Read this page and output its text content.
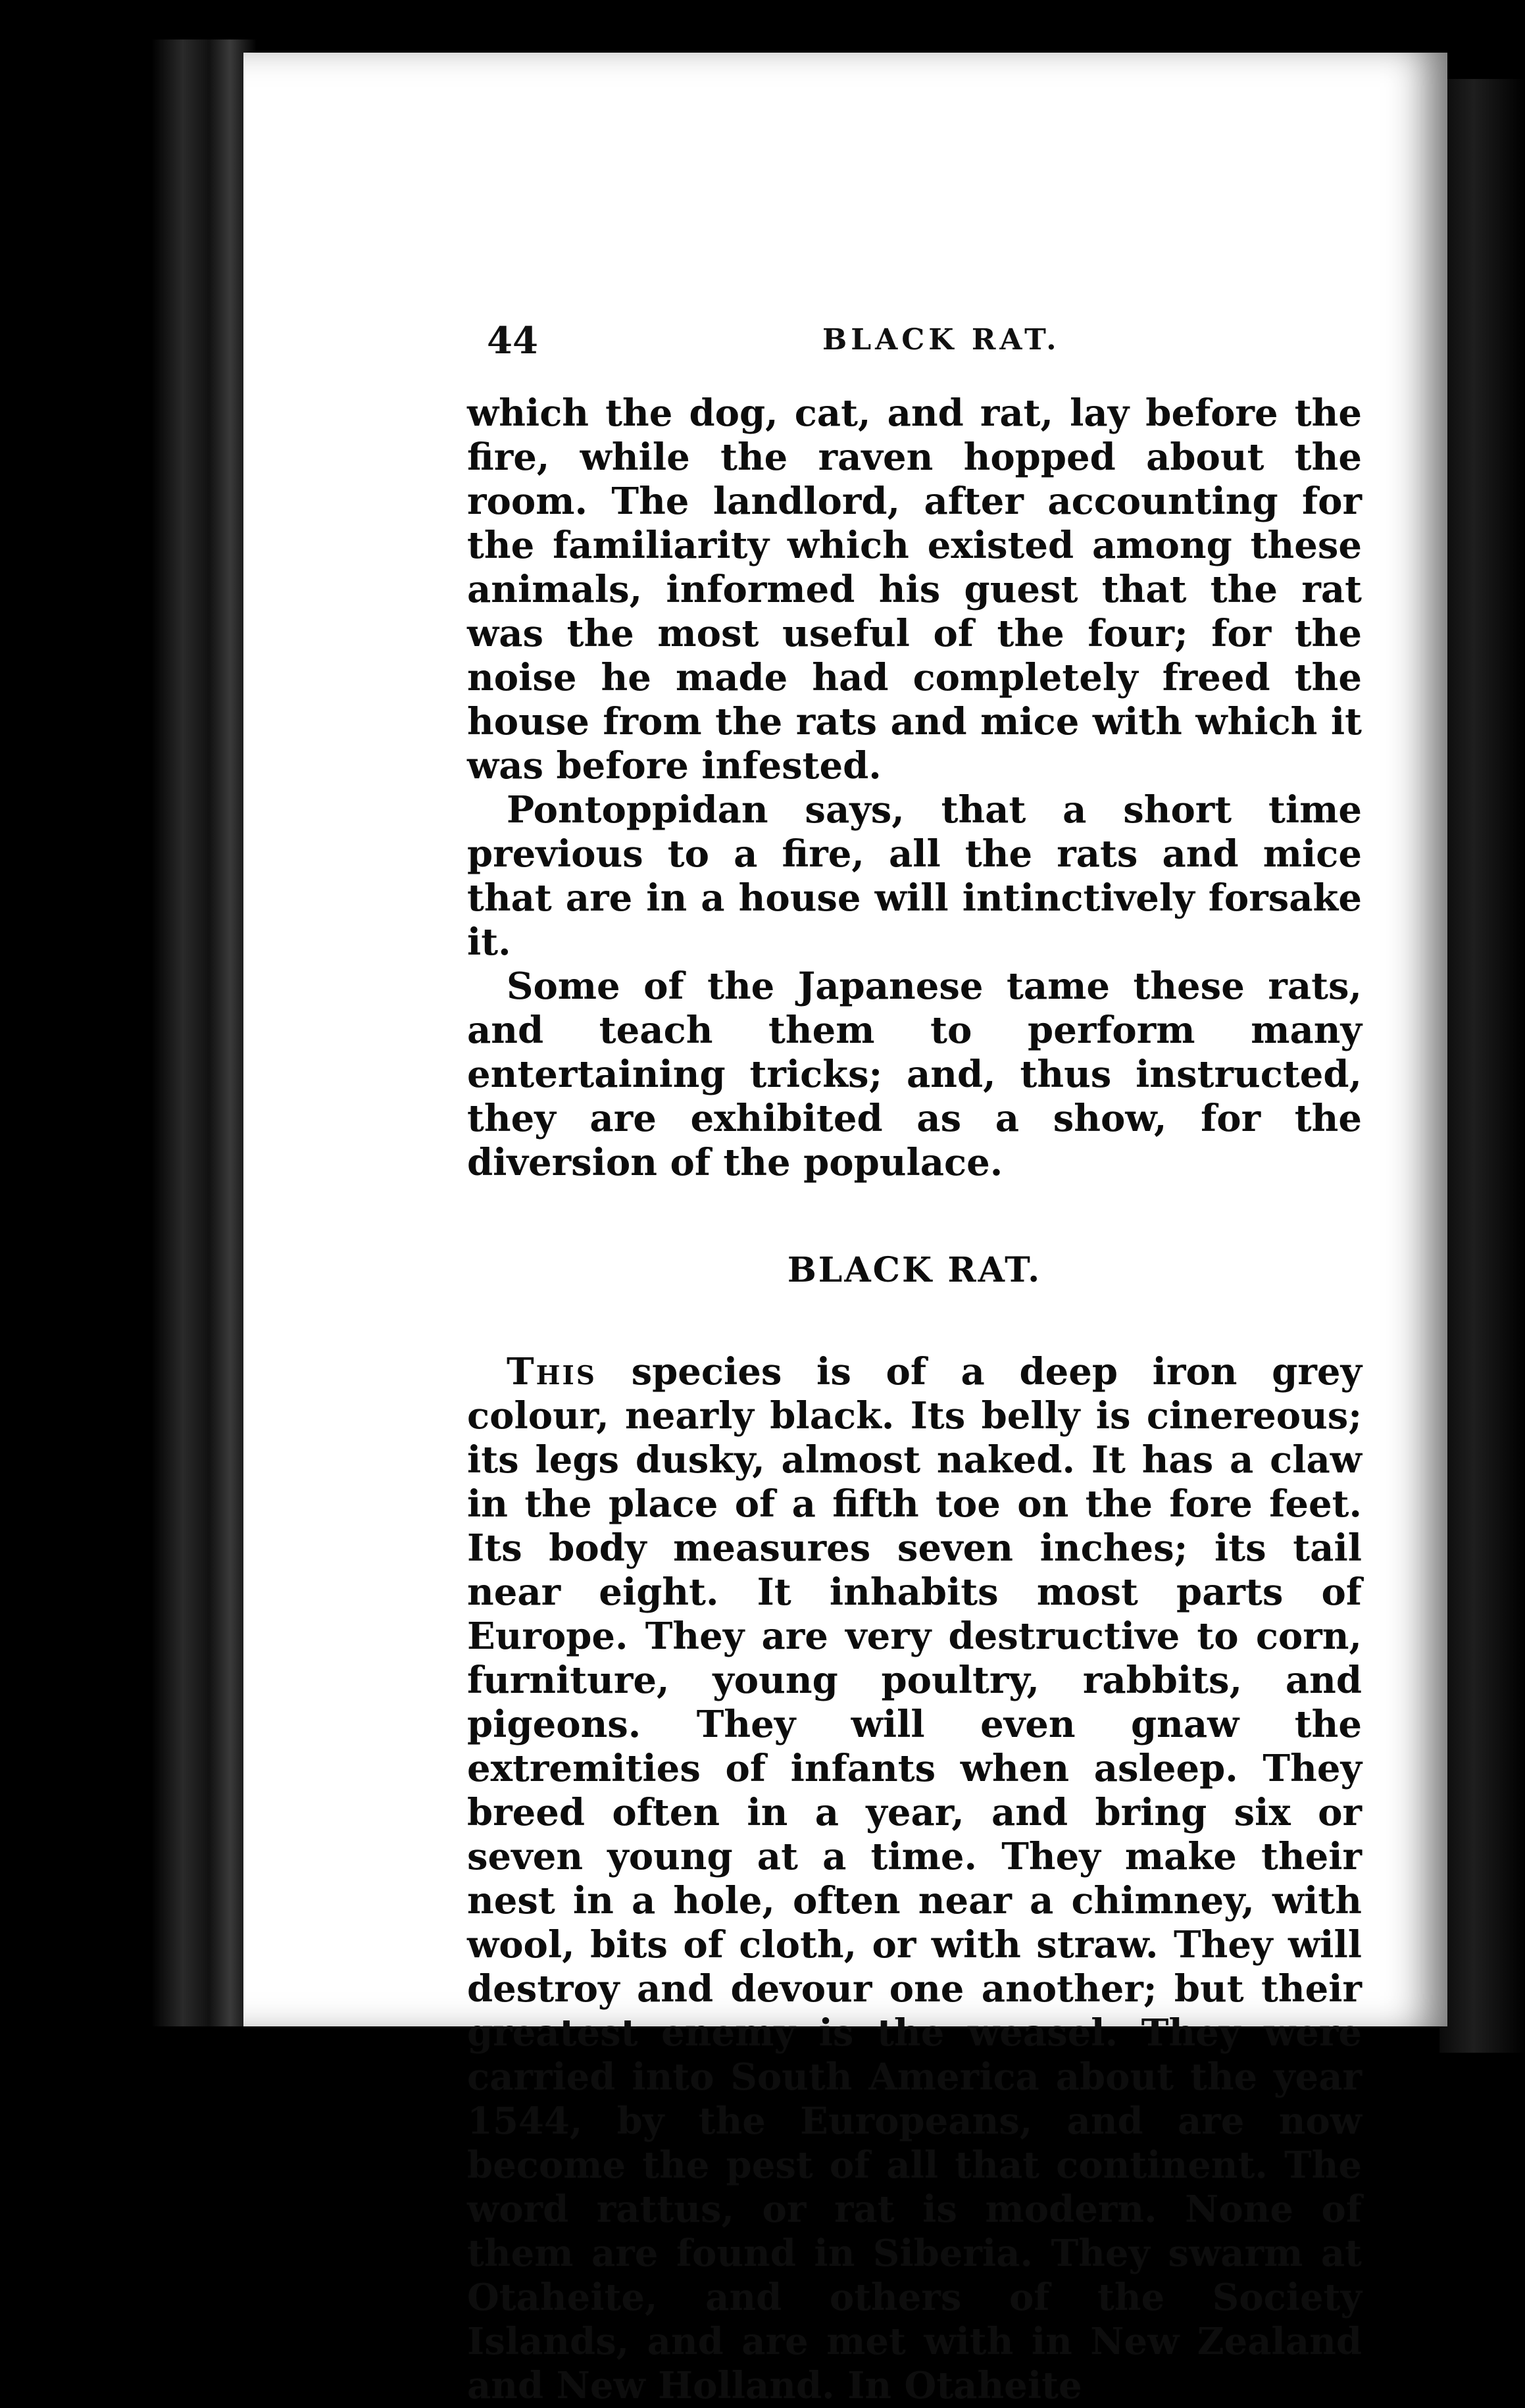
44	BLACK RAT.

which the dog, cat, and rat, lay before the fire, while the raven hopped about the room. The landlord, after accounting for the familiarity which existed among these animals, informed his guest that the rat was the most useful of the four; for the noise he made had completely freed the house from the rats and mice with which it was before infested.

Pontoppidan says, that a short time previous to a fire, all the rats and mice that are in a house will intinctively forsake it.

Some of the Japanese tame these rats, and teach them to perform many entertaining tricks; and, thus instructed, they are exhibited as a show, for the diversion of the populace.

BLACK RAT.

This species is of a deep iron grey colour, nearly black. Its belly is cinereous; its legs dusky, almost naked. It has a claw in the place of a fifth toe on the fore feet. Its body measures seven inches; its tail near eight. It inhabits most parts of Europe. They are very destructive to corn, furniture, young poultry, rabbits, and pigeons. They will even gnaw the extremities of infants when asleep. They breed often in a year, and bring six or seven young at a time. They make their nest in a hole, often near a chimney, with wool, bits of cloth, or with straw. They will destroy and devour one another; but their greatest enemy is the weasel. They were carried into South America about the year 1544, by the Europeans, and are now become the pest of all that continent. The word rattus, or rat is modern. None of them are found in Siberia. They swarm at Otaheite, and others of the Society Islands, and are met with in New Zealand and New Holland. In Otaheite
